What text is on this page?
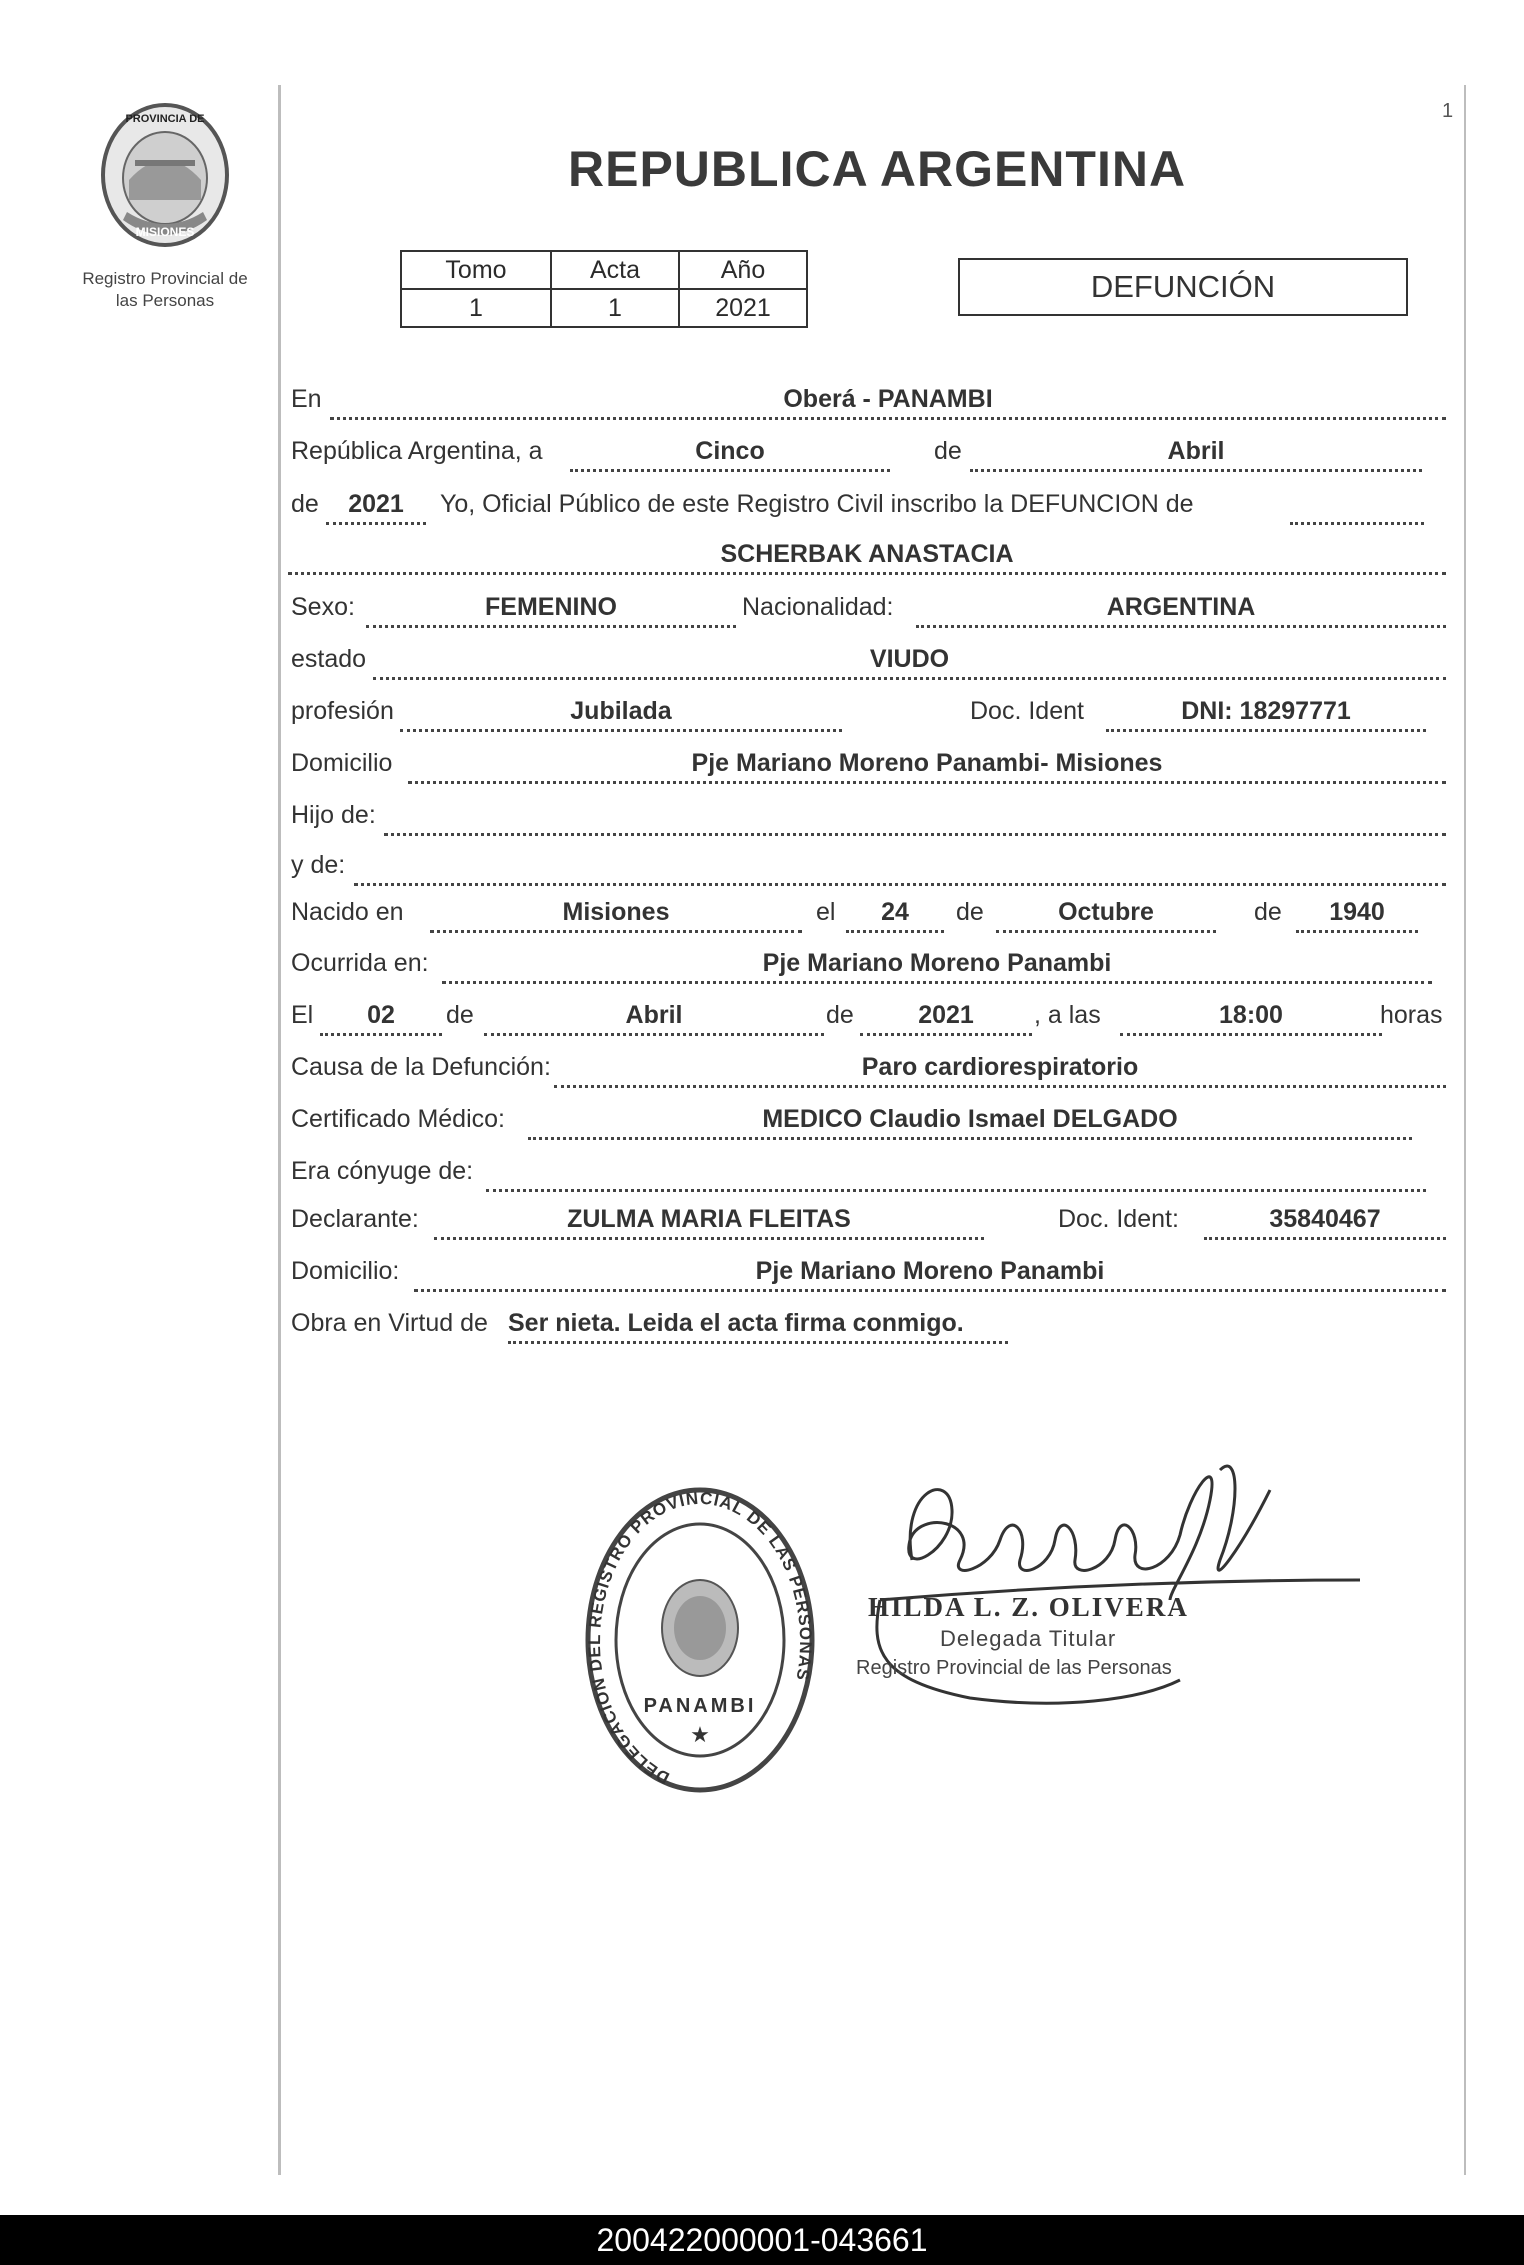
PROVINCIA DE
MISIONES
Registro Provincial de
las Personas
REPUBLICA ARGENTINA
1
Tomo	Acta	Año
1	1	2021
DEFUNCIÓN
En	Oberá - PANAMBI
República Argentina, a	Cinco	de	Abril
de	2021	Yo, Oficial Público de este Registro Civil inscribo la DEFUNCION de
SCHERBAK ANASTACIA
Sexo:	FEMENINO	Nacionalidad:	ARGENTINA
estado	VIUDO
profesión	Jubilada	Doc. Ident	DNI: 18297771
Domicilio	Pje Mariano Moreno Panambi- Misiones
Hijo de:
y de:
Nacido en	Misiones	el	24	de	Octubre	de	1940
Ocurrida en:	Pje Mariano Moreno Panambi
El	02	de	Abril	de	2021	, a las	18:00	horas
Causa de la Defunción:	Paro cardiorespiratorio
Certificado Médico:	MEDICO Claudio Ismael DELGADO
Era cónyuge de:
Declarante:	ZULMA MARIA FLEITAS	Doc. Ident:	35840467
Domicilio:	Pje Mariano Moreno Panambi
Obra en Virtud de Ser nieta. Leida el acta firma conmigo.
DELEGACION DEL REGISTRO PROVINCIAL DE LAS PERSONAS
PANAMBI
★
HILDA L. Z. OLIVERA
Delegada Titular
Registro Provincial de las Personas
200422000001-043661
